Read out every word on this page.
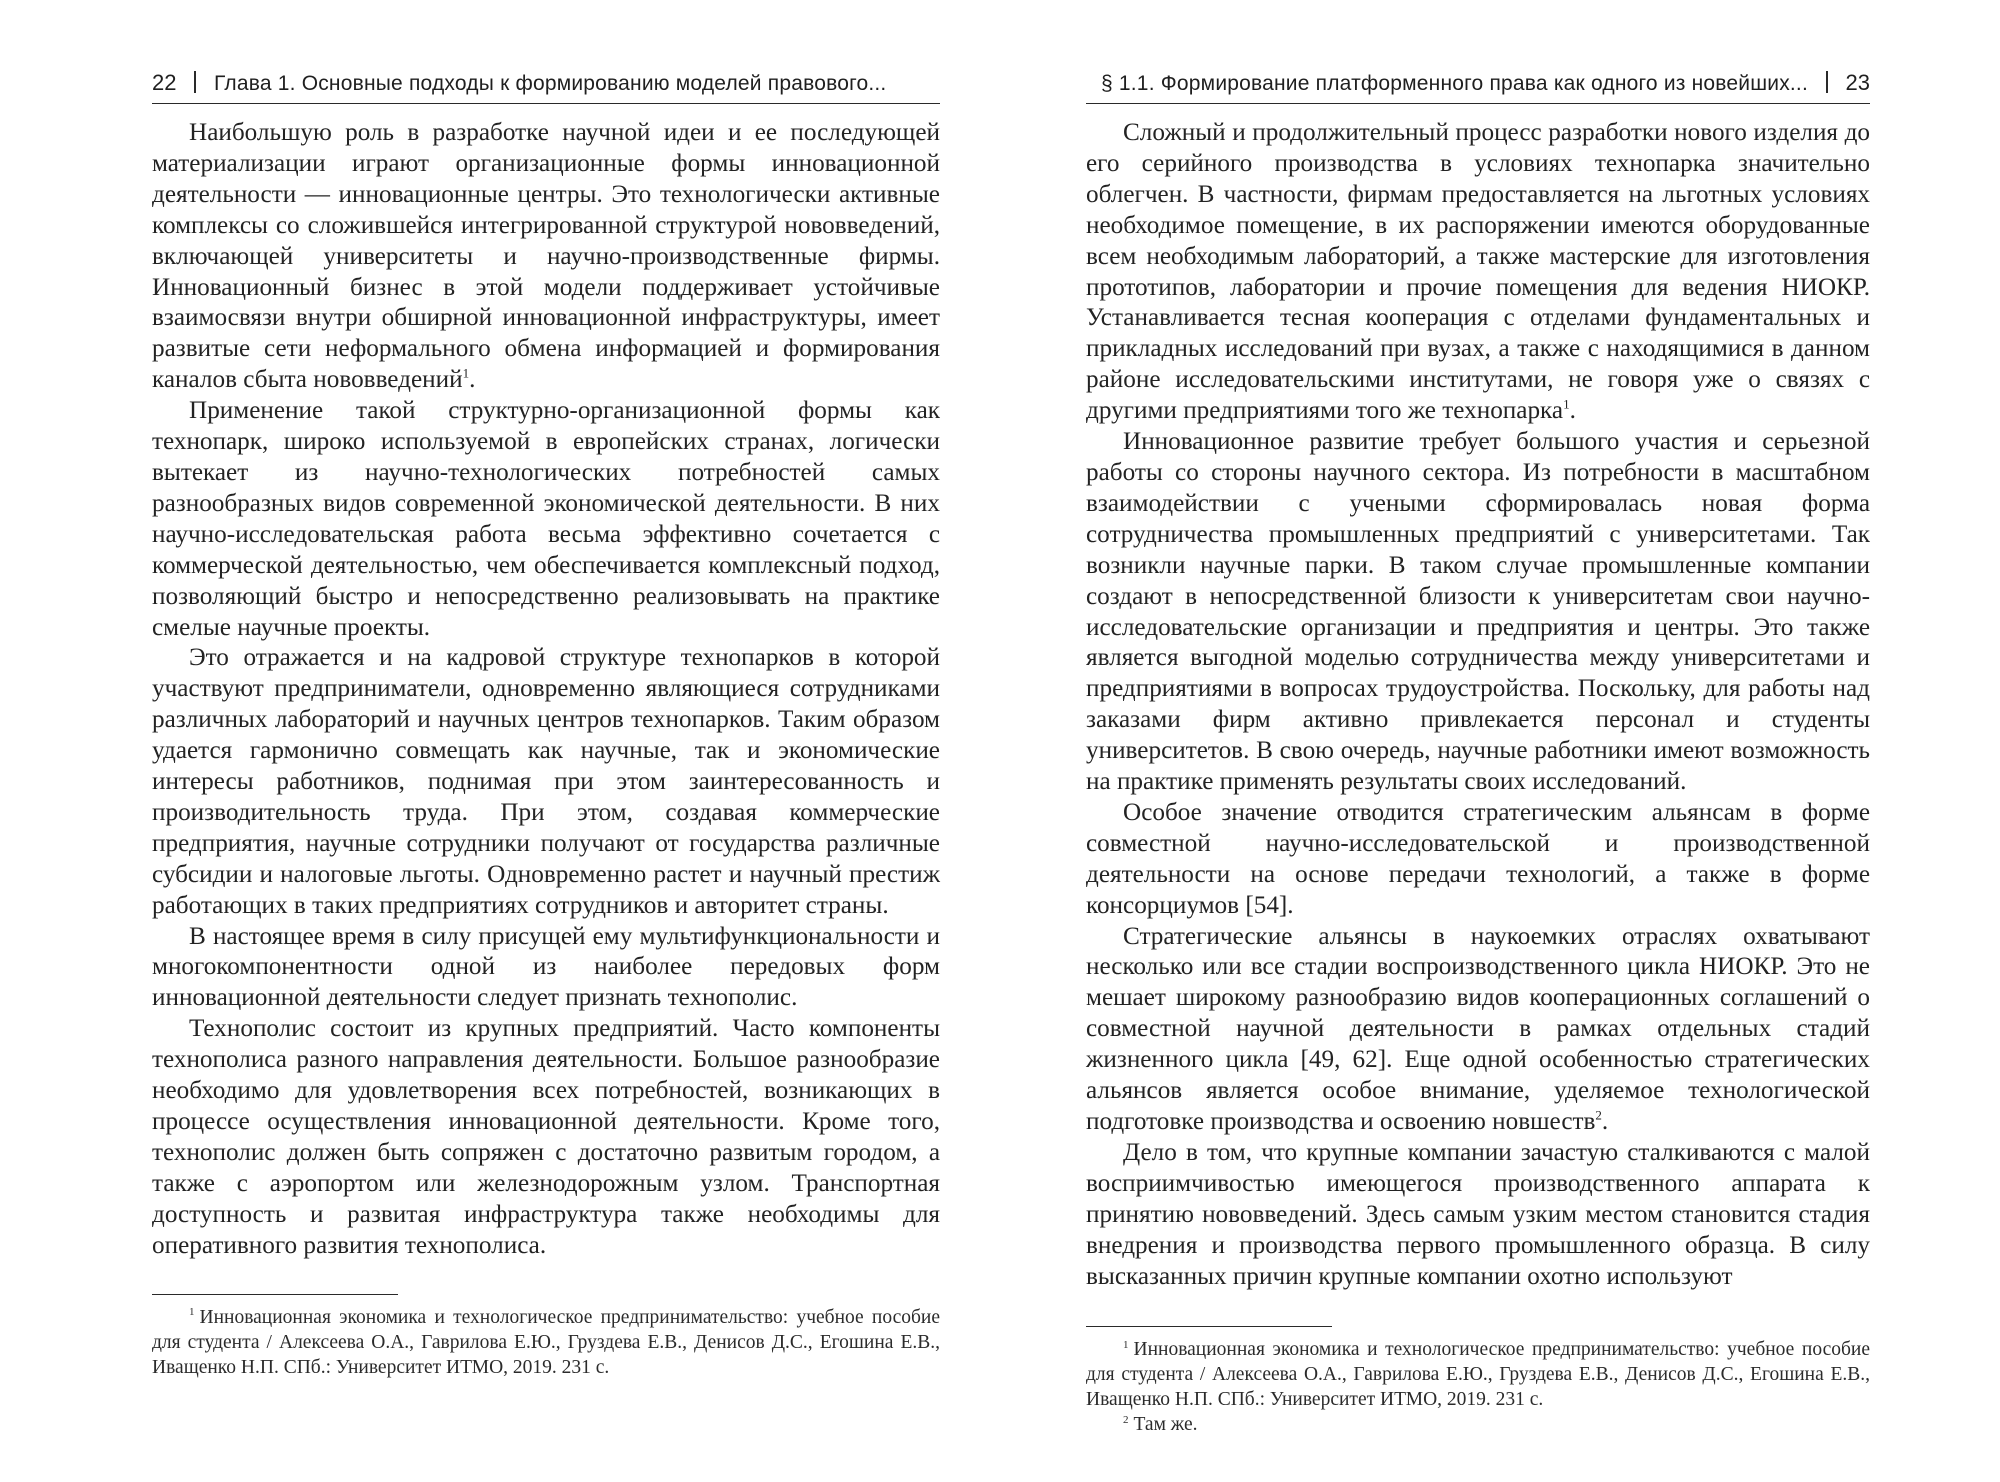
22 Глава 1. Основные подходы к формированию моделей правового...

Наибольшую роль в разработке научной идеи и ее последующей материализации играют организационные формы инновационной деятельности — инновационные центры. Это технологически активные комплексы со сложившейся интегрированной структурой нововведений, включающей университеты и научно-производственные фирмы. Инновационный бизнес в этой модели поддерживает устойчивые взаимосвязи внутри обширной инновационной инфраструктуры, имеет развитые сети неформального обмена информацией и формирования каналов сбыта нововведений$^1$.

Применение такой структурно-организационной формы как технопарк, широко используемой в европейских странах, логически вытекает из научно-технологических потребностей самых разнообразных видов современной экономической деятельности. В них научно-исследовательская работа весьма эффективно сочетается с коммерческой деятельностью, чем обеспечивается комплексный подход, позволяющий быстро и непосредственно реализовывать на практике смелые научные проекты.

Это отражается и на кадровой структуре технопарков в которой участвуют предприниматели, одновременно являющиеся сотрудниками различных лабораторий и научных центров технопарков. Таким образом удается гармонично совмещать как научные, так и экономические интересы работников, поднимая при этом заинтересованность и производительность труда. При этом, создавая коммерческие предприятия, научные сотрудники получают от государства различные субсидии и налоговые льготы. Одновременно растет и научный престиж работающих в таких предприятиях сотрудников и авторитет страны.

В настоящее время в силу присущей ему мультифункциональности и многокомпонентности одной из наиболее передовых форм инновационной деятельности следует признать технополис.

Технополис состоит из крупных предприятий. Часто компоненты технополиса разного направления деятельности. Большое разнообразие необходимо для удовлетворения всех потребностей, возникающих в процессе осуществления инновационной деятельности. Кроме того, технополис должен быть сопряжен с достаточно развитым городом, а также с аэропортом или железнодорожным узлом. Транспортная доступность и развитая инфраструктура также необходимы для оперативного развития технополиса.

$^1$ Инновационная экономика и технологическое предпринимательство: учебное пособие для студента / Алексеева О.А., Гаврилова Е.Ю., Груздева Е.В., Денисов Д.С., Егошина Е.В., Иващенко Н.П. СПб.: Университет ИТМО, 2019. 231 с.

§ 1.1. Формирование платформенного права как одного из новейших... 23

Сложный и продолжительный процесс разработки нового изделия до его серийного производства в условиях технопарка значительно облегчен. В частности, фирмам предоставляется на льготных условиях необходимое помещение, в их распоряжении имеются оборудованные всем необходимым лабораторий, а также мастерские для изготовления прототипов, лаборатории и прочие помещения для ведения НИОКР. Устанавливается тесная кооперация с отделами фундаментальных и прикладных исследований при вузах, а также с находящимися в данном районе исследовательскими институтами, не говоря уже о связях с другими предприятиями того же технопарка$^1$.

Инновационное развитие требует большого участия и серьезной работы со стороны научного сектора. Из потребности в масштабном взаимодействии с учеными сформировалась новая форма сотрудничества промышленных предприятий с университетами. Так возникли научные парки. В таком случае промышленные компании создают в непосредственной близости к университетам свои научно-исследовательские организации и предприятия и центры. Это также является выгодной моделью сотрудничества между университетами и предприятиями в вопросах трудоустройства. Поскольку, для работы над заказами фирм активно привлекается персонал и студенты университетов. В свою очередь, научные работники имеют возможность на практике применять результаты своих исследований.

Особое значение отводится стратегическим альянсам в форме совместной научно-исследовательской и производственной деятельности на основе передачи технологий, а также в форме консорциумов [54].

Стратегические альянсы в наукоемких отраслях охватывают несколько или все стадии воспроизводственного цикла НИОКР. Это не мешает широкому разнообразию видов кооперационных соглашений о совместной научной деятельности в рамках отдельных стадий жизненного цикла [49, 62]. Еще одной особенностью стратегических альянсов является особое внимание, уделяемое технологической подготовке производства и освоению новшеств$^2$.

Дело в том, что крупные компании зачастую сталкиваются с малой восприимчивостью имеющегося производственного аппарата к принятию нововведений. Здесь самым узким местом становится стадия внедрения и производства первого промышленного образца. В силу высказанных причин крупные компании охотно используют

$^1$ Инновационная экономика и технологическое предпринимательство: учебное пособие для студента / Алексеева О.А., Гаврилова Е.Ю., Груздева Е.В., Денисов Д.С., Егошина Е.В., Иващенко Н.П. СПб.: Университет ИТМО, 2019. 231 с.

$^2$ Там же.
